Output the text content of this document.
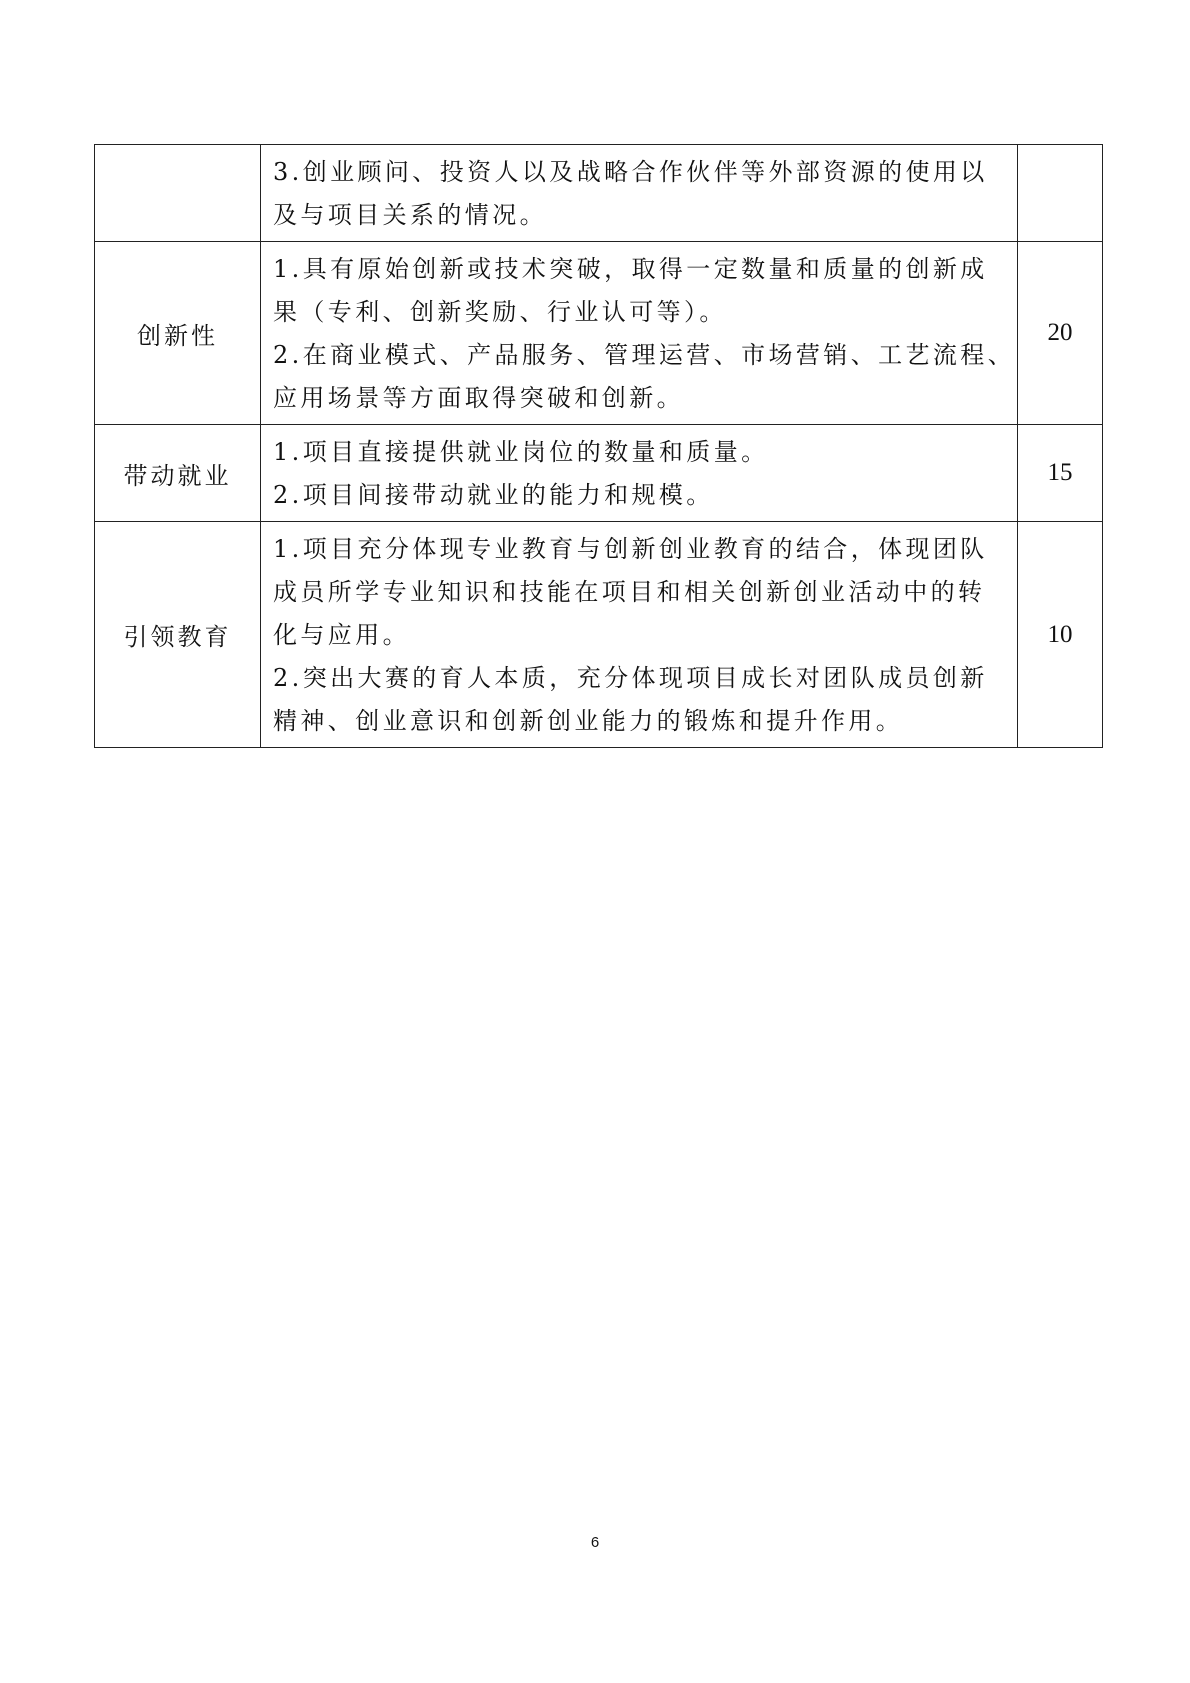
	3.创业顾问、投资人以及战略合作伙伴等外部资源的使用以
及与项目关系的情况。	

创新性	1.具有原始创新或技术突破，取得一定数量和质量的创新成
果（专利、创新奖励、行业认可等）。
2.在商业模式、产品服务、管理运营、市场营销、工艺流程、
应用场景等方面取得突破和创新。	20
带动就业	1.项目直接提供就业岗位的数量和质量。
2.项目间接带动就业的能力和规模。	15
引领教育	1.项目充分体现专业教育与创新创业教育的结合，体现团队
成员所学专业知识和技能在项目和相关创新创业活动中的转
化与应用。
2.突出大赛的育人本质，充分体现项目成长对团队成员创新
精神、创业意识和创新创业能力的锻炼和提升作用。	10
6
